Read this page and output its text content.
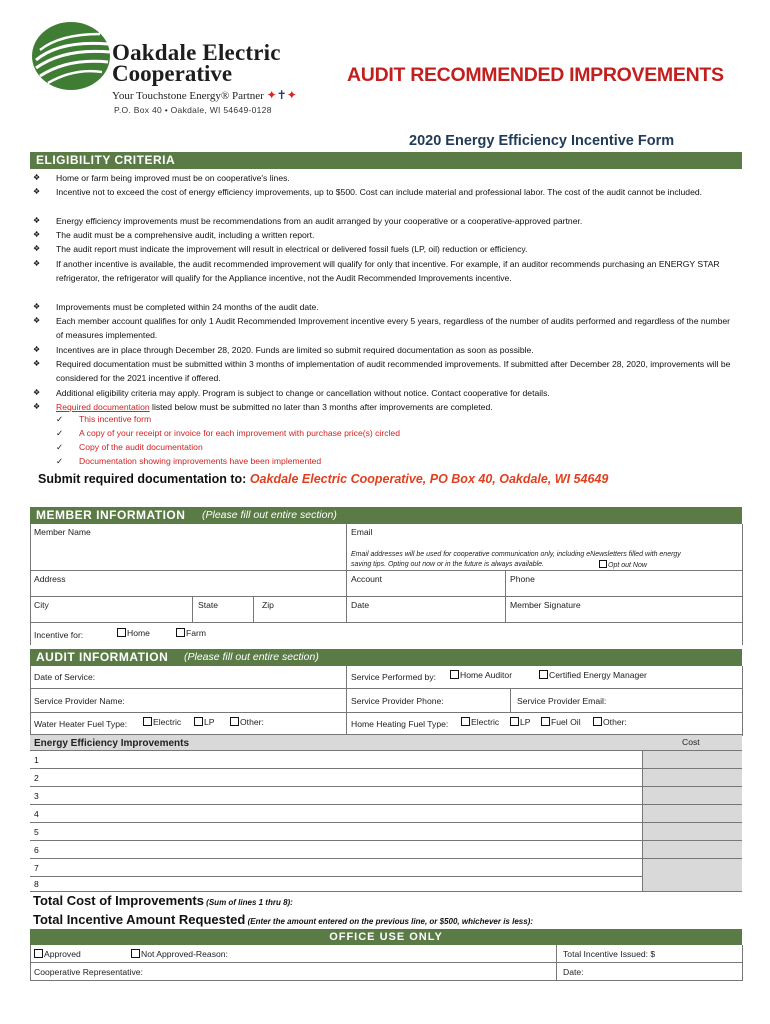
Oakdale Electric
Cooperative
Your Touchstone Energy® Partner ✦✝✦
P.O. Box 40 • Oakdale, WI 54649-0128
AUDIT RECOMMENDED IMPROVEMENTS
2020 Energy Efficiency Incentive Form
ELIGIBILITY CRITERIA
❖ Home or farm being improved must be on cooperative's lines.
❖ Incentive not to exceed the cost of energy efficiency improvements, up to $500. Cost can include material and professional labor. The cost of the audit cannot be included.
❖ Energy efficiency improvements must be recommendations from an audit arranged by your cooperative or a cooperative-approved partner.
❖ The audit must be a comprehensive audit, including a written report.
❖ The audit report must indicate the improvement will result in electrical or delivered fossil fuels (LP, oil) reduction or efficiency.
❖ If another incentive is available, the audit recommended improvement will qualify for only that incentive. For example, if an auditor recommends purchasing an ENERGY STAR refrigerator, the refrigerator will qualify for the Appliance incentive, not the Audit Recommended Improvements incentive.
❖ Improvements must be completed within 24 months of the audit date.
❖ Each member account qualifies for only 1 Audit Recommended Improvement incentive every 5 years, regardless of the number of audits performed and regardless of the number of measures implemented.
❖ Incentives are in place through December 28, 2020. Funds are limited so submit required documentation as soon as possible.
❖ Required documentation must be submitted within 3 months of implementation of audit recommended improvements. If submitted after December 28, 2020, improvements will be considered for the 2021 incentive if offered.
❖ Additional eligibility criteria may apply. Program is subject to change or cancellation without notice. Contact cooperative for details.
❖ Required documentation listed below must be submitted no later than 3 months after improvements are completed.
✓ This incentive form
✓ A copy of your receipt or invoice for each improvement with purchase price(s) circled
✓ Copy of the audit documentation
✓ Documentation showing improvements have been implemented
Submit required documentation to: Oakdale Electric Cooperative, PO Box 40, Oakdale, WI 54649
MEMBER INFORMATION (Please fill out entire section)
Member Name	Email
Email addresses will be used for cooperative communication only, including eNewsletters filled with energy
saving tips. Opting out now or in the future is always available.	Opt out Now
Address	Account	Phone
City	State	Zip	Date	Member Signature
Incentive for:	Home	Farm
AUDIT INFORMATION (Please fill out entire section)
Date of Service:	Service Performed by:	Home Auditor	Certified Energy Manager
Service Provider Name:	Service Provider Phone:	Service Provider Email:
Water Heater Fuel Type:	Electric	LP	Other:	Home Heating Fuel Type:	Electric	LP	Fuel Oil	Other:
Energy Efficiency Improvements	Cost
1
2
3
4
5
6
7
8
Total Cost of Improvements (Sum of lines 1 thru 8):
Total Incentive Amount Requested (Enter the amount entered on the previous line, or $500, whichever is less):
OFFICE USE ONLY
Approved	Not Approved-Reason:	Total Incentive Issued: $
Cooperative Representative:	Date:
